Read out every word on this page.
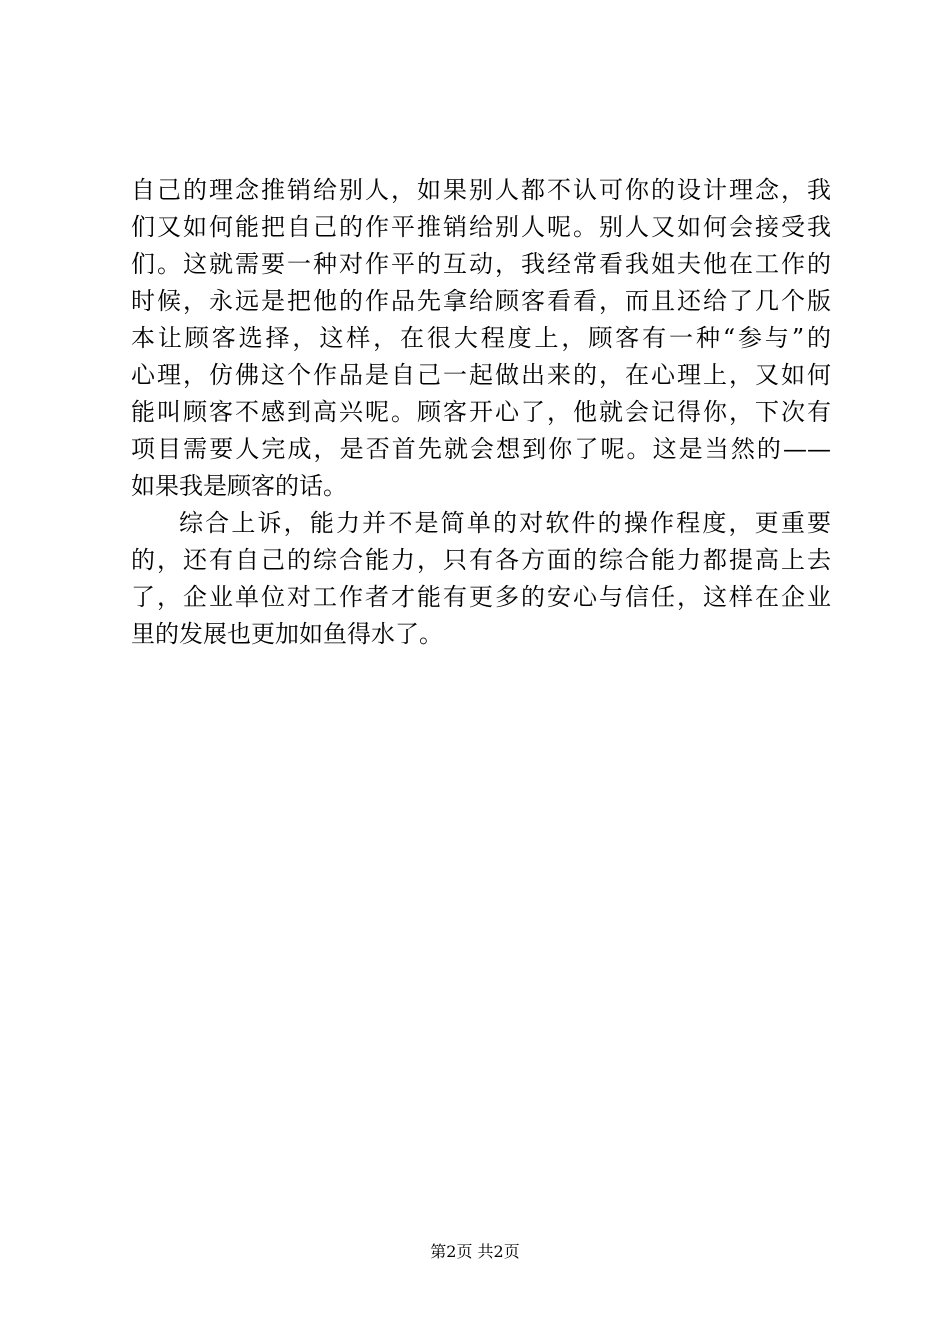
自己的理念推销给别人，如果别人都不认可你的设计理念，我
们又如何能把自己的作平推销给别人呢。别人又如何会接受我
们。这就需要一种对作平的互动，我经常看我姐夫他在工作的
时候，永远是把他的作品先拿给顾客看看，而且还给了几个版
本让顾客选择，这样，在很大程度上，顾客有一种“参与”的
心理，仿佛这个作品是自己一起做出来的，在心理上，又如何
能叫顾客不感到高兴呢。顾客开心了，他就会记得你，下次有
项目需要人完成，是否首先就会想到你了呢。这是当然的——
如果我是顾客的话。
综合上诉，能力并不是简单的对软件的操作程度，更重要
的，还有自己的综合能力，只有各方面的综合能力都提高上去
了，企业单位对工作者才能有更多的安心与信任，这样在企业
里的发展也更加如鱼得水了。
第2页 共2页
